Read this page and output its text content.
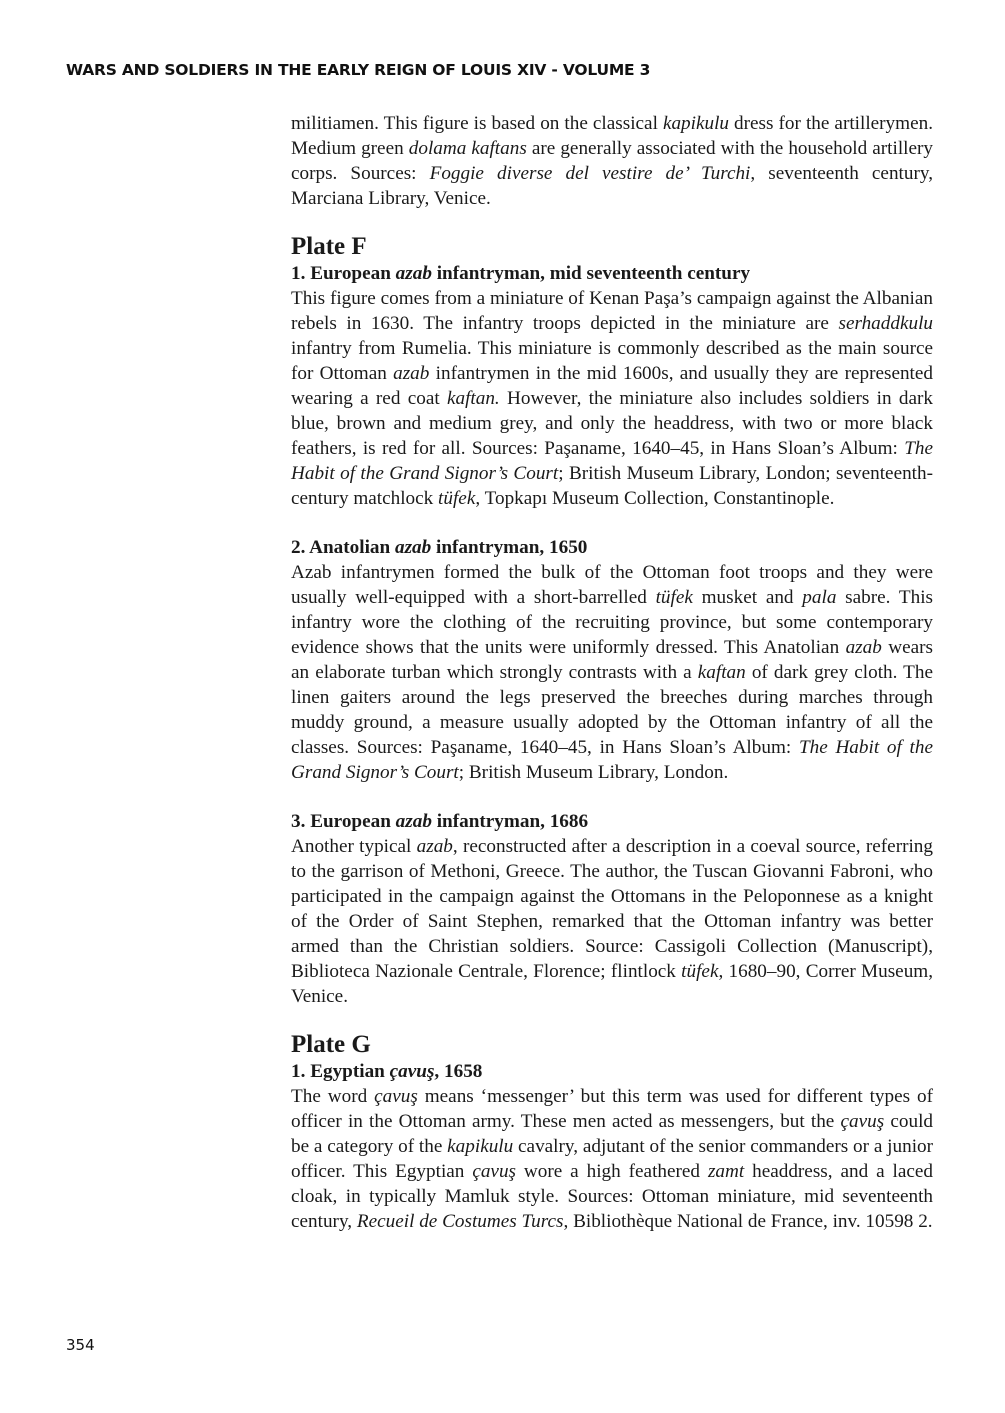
WARS AND SOLDIERS IN THE EARLY REIGN OF LOUIS XIV - VOLUME 3

militiamen. This figure is based on the classical kapikulu dress for the artillerymen. Medium green dolama kaftans are generally associated with the household artillery corps. Sources: Foggie diverse del vestire de’ Turchi, seventeenth century, Marciana Library, Venice.

Plate F

1. European azab infantryman, mid seventeenth century

This figure comes from a miniature of Kenan Paşa’s campaign against the Albanian rebels in 1630. The infantry troops depicted in the miniature are serhaddkulu infantry from Rumelia. This miniature is commonly described as the main source for Ottoman azab infantrymen in the mid 1600s, and usually they are represented wearing a red coat kaftan. However, the miniature also includes soldiers in dark blue, brown and medium grey, and only the headdress, with two or more black feathers, is red for all. Sources: Paşaname, 1640–45, in Hans Sloan’s Album: The Habit of the Grand Signor’s Court; British Museum Library, London; seventeenth-century matchlock tüfek, Topkapı Museum Collection, Constantinople.

2. Anatolian azab infantryman, 1650

Azab infantrymen formed the bulk of the Ottoman foot troops and they were usually well-equipped with a short-barrelled tüfek musket and pala sabre. This infantry wore the clothing of the recruiting province, but some contemporary evidence shows that the units were uniformly dressed. This Anatolian azab wears an elaborate turban which strongly contrasts with a kaftan of dark grey cloth. The linen gaiters around the legs preserved the breeches during marches through muddy ground, a measure usually adopted by the Ottoman infantry of all the classes. Sources: Paşaname, 1640–45, in Hans Sloan’s Album: The Habit of the Grand Signor’s Court; British Museum Library, London.

3. European azab infantryman, 1686

Another typical azab, reconstructed after a description in a coeval source, referring to the garrison of Methoni, Greece. The author, the Tuscan Giovanni Fabroni, who participated in the campaign against the Ottomans in the Peloponnese as a knight of the Order of Saint Stephen, remarked that the Ottoman infantry was better armed than the Christian soldiers. Source: Cassigoli Collection (Manuscript), Biblioteca Nazionale Centrale, Florence; flintlock tüfek, 1680–90, Correr Museum, Venice.

Plate G

1. Egyptian çavuş, 1658

The word çavuş means ‘messenger’ but this term was used for different types of officer in the Ottoman army. These men acted as messengers, but the çavuş could be a category of the kapikulu cavalry, adjutant of the senior commanders or a junior officer. This Egyptian çavuş wore a high feathered zamt headdress, and a laced cloak, in typically Mamluk style. Sources: Ottoman miniature, mid seventeenth century, Recueil de Costumes Turcs, Bibliothèque National de France, inv. 10598 2.

354
